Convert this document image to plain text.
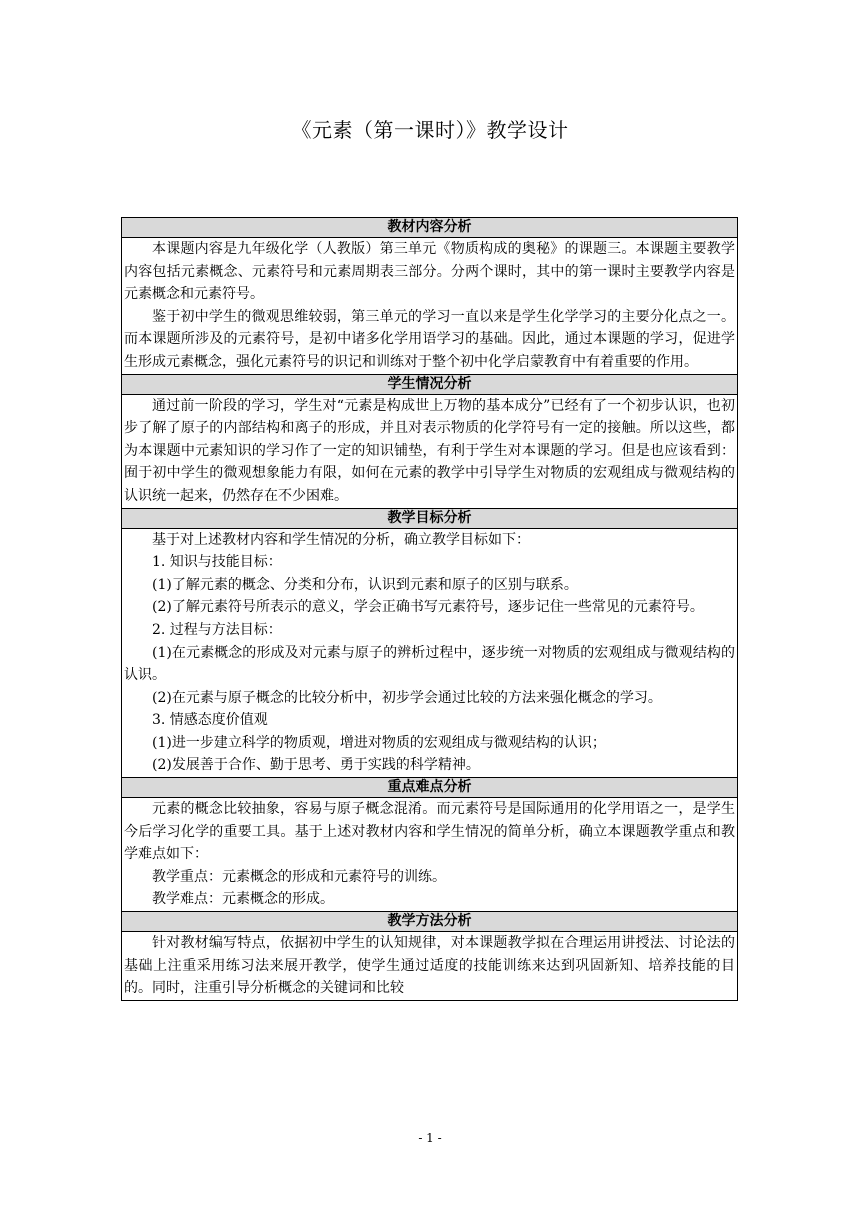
《元素（第一课时）》教学设计
教材内容分析

本课题内容是九年级化学（人教版）第三单元《物质构成的奥秘》的课题三。本课题主要教学内容包括元素概念、元素符号和元素周期表三部分。分两个课时，其中的第一课时主要教学内容是元素概念和元素符号。

鉴于初中学生的微观思维较弱，第三单元的学习一直以来是学生化学学习的主要分化点之一。而本课题所涉及的元素符号，是初中诸多化学用语学习的基础。因此，通过本课题的学习，促进学生形成元素概念，强化元素符号的识记和训练对于整个初中化学启蒙教育中有着重要的作用。

学生情况分析

通过前一阶段的学习，学生对“元素是构成世上万物的基本成分”已经有了一个初步认识，也初步了解了原子的内部结构和离子的形成，并且对表示物质的化学符号有一定的接触。所以这些，都为本课题中元素知识的学习作了一定的知识铺垫，有利于学生对本课题的学习。但是也应该看到：囿于初中学生的微观想象能力有限，如何在元素的教学中引导学生对物质的宏观组成与微观结构的认识统一起来，仍然存在不少困难。

教学目标分析

基于对上述教材内容和学生情况的分析，确立教学目标如下：

1. 知识与技能目标：

(1)了解元素的概念、分类和分布，认识到元素和原子的区别与联系。

(2)了解元素符号所表示的意义，学会正确书写元素符号，逐步记住一些常见的元素符号。

2. 过程与方法目标：

(1)在元素概念的形成及对元素与原子的辨析过程中，逐步统一对物质的宏观组成与微观结构的认识。

(2)在元素与原子概念的比较分析中，初步学会通过比较的方法来强化概念的学习。

3. 情感态度价值观

(1)进一步建立科学的物质观，增进对物质的宏观组成与微观结构的认识；

(2)发展善于合作、勤于思考、勇于实践的科学精神。

重点难点分析

元素的概念比较抽象，容易与原子概念混淆。而元素符号是国际通用的化学用语之一，是学生今后学习化学的重要工具。基于上述对教材内容和学生情况的简单分析，确立本课题教学重点和教学难点如下：

教学重点：元素概念的形成和元素符号的训练。

教学难点：元素概念的形成。

教学方法分析

针对教材编写特点，依据初中学生的认知规律，对本课题教学拟在合理运用讲授法、讨论法的基础上注重采用练习法来展开教学，使学生通过适度的技能训练来达到巩固新知、培养技能的目的。同时，注重引导分析概念的关键词和比较

- 1 -
